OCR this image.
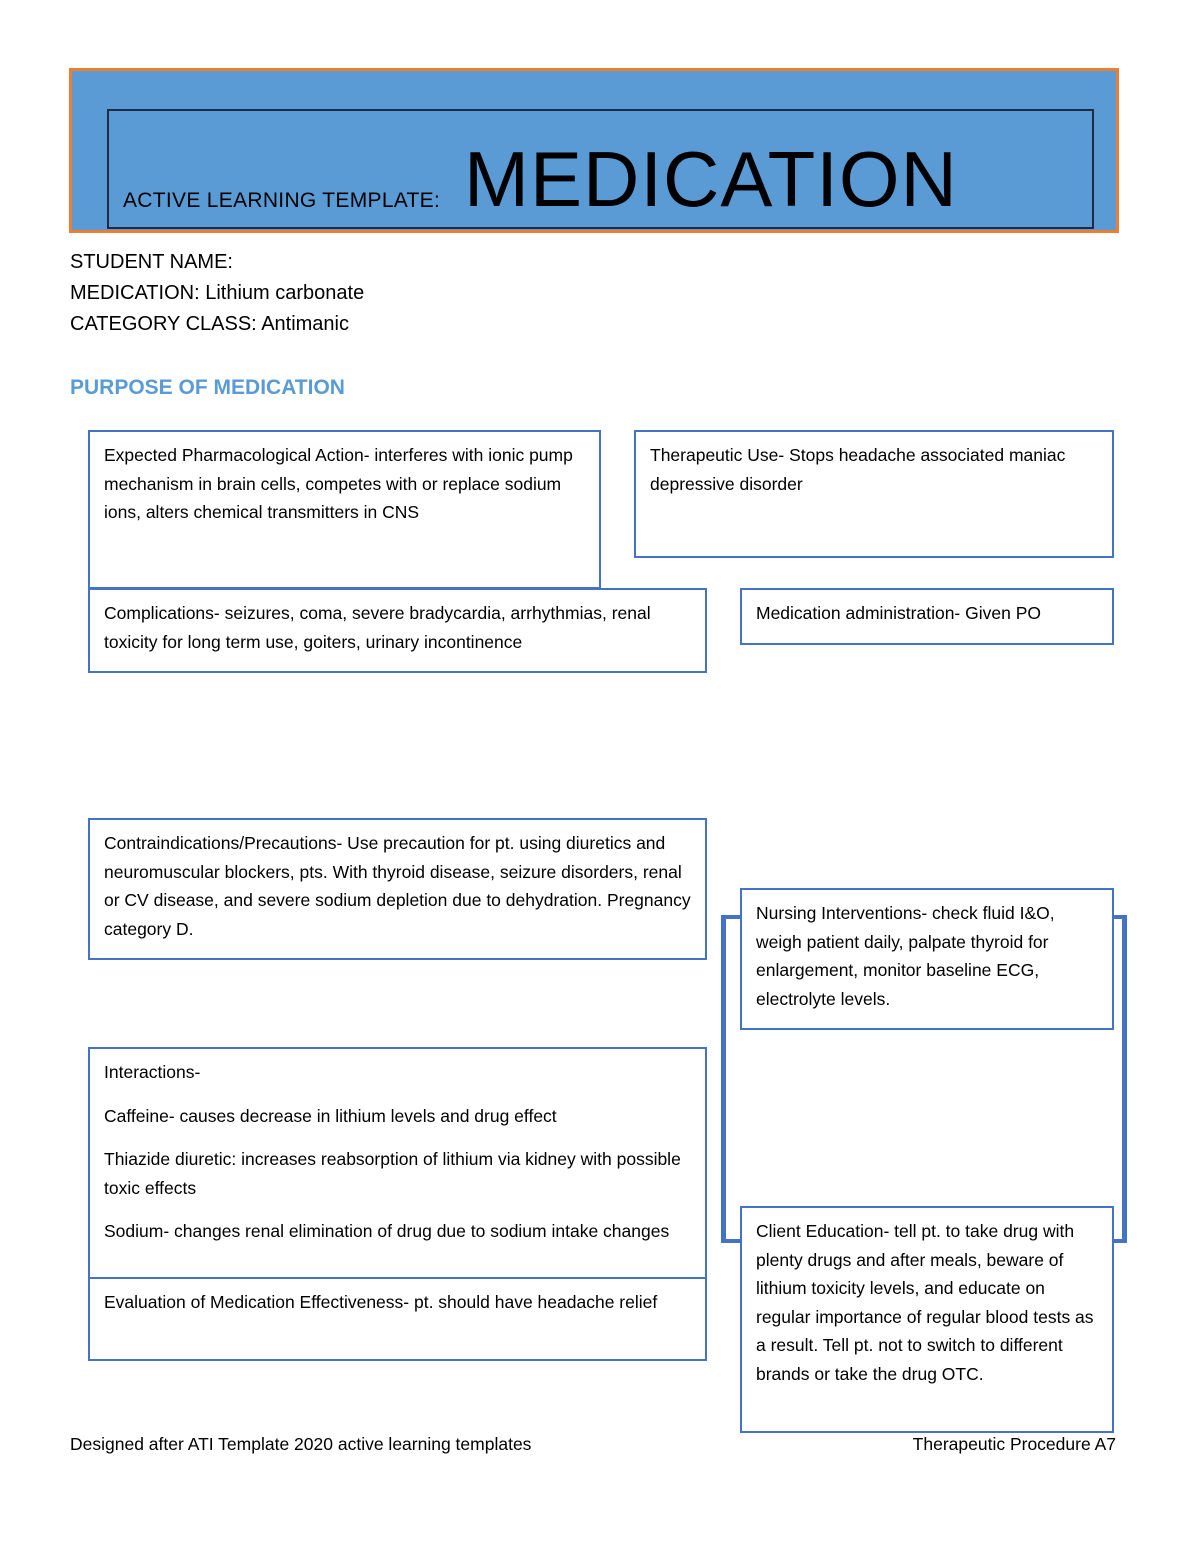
ACTIVE LEARNING TEMPLATE: MEDICATION
STUDENT NAME:
MEDICATION: Lithium carbonate
CATEGORY CLASS: Antimanic
PURPOSE OF MEDICATION
Expected Pharmacological Action- interferes with ionic pump mechanism in brain cells, competes with or replace sodium ions, alters chemical transmitters in CNS
Therapeutic Use- Stops headache associated maniac depressive disorder
Complications- seizures, coma, severe bradycardia, arrhythmias, renal toxicity for long term use, goiters, urinary incontinence
Medication administration- Given PO
Contraindications/Precautions- Use precaution for pt. using diuretics and neuromuscular blockers, pts. With thyroid disease, seizure disorders, renal or CV disease, and severe sodium depletion due to dehydration. Pregnancy category D.
Nursing Interventions- check fluid I&O, weigh patient daily, palpate thyroid for enlargement, monitor baseline ECG, electrolyte levels.

Interactions-

Caffeine- causes decrease in lithium levels and drug effect

Thiazide diuretic: increases reabsorption of lithium via kidney with possible toxic effects

Sodium- changes renal elimination of drug due to sodium intake changes

Evaluation of Medication Effectiveness- pt. should have headache relief
Client Education- tell pt. to take drug with plenty drugs and after meals, beware of lithium toxicity levels, and educate on regular importance of regular blood tests as a result. Tell pt. not to switch to different brands or take the drug OTC.
Designed after ATI Template 2020 active learning templates	Therapeutic Procedure A7
